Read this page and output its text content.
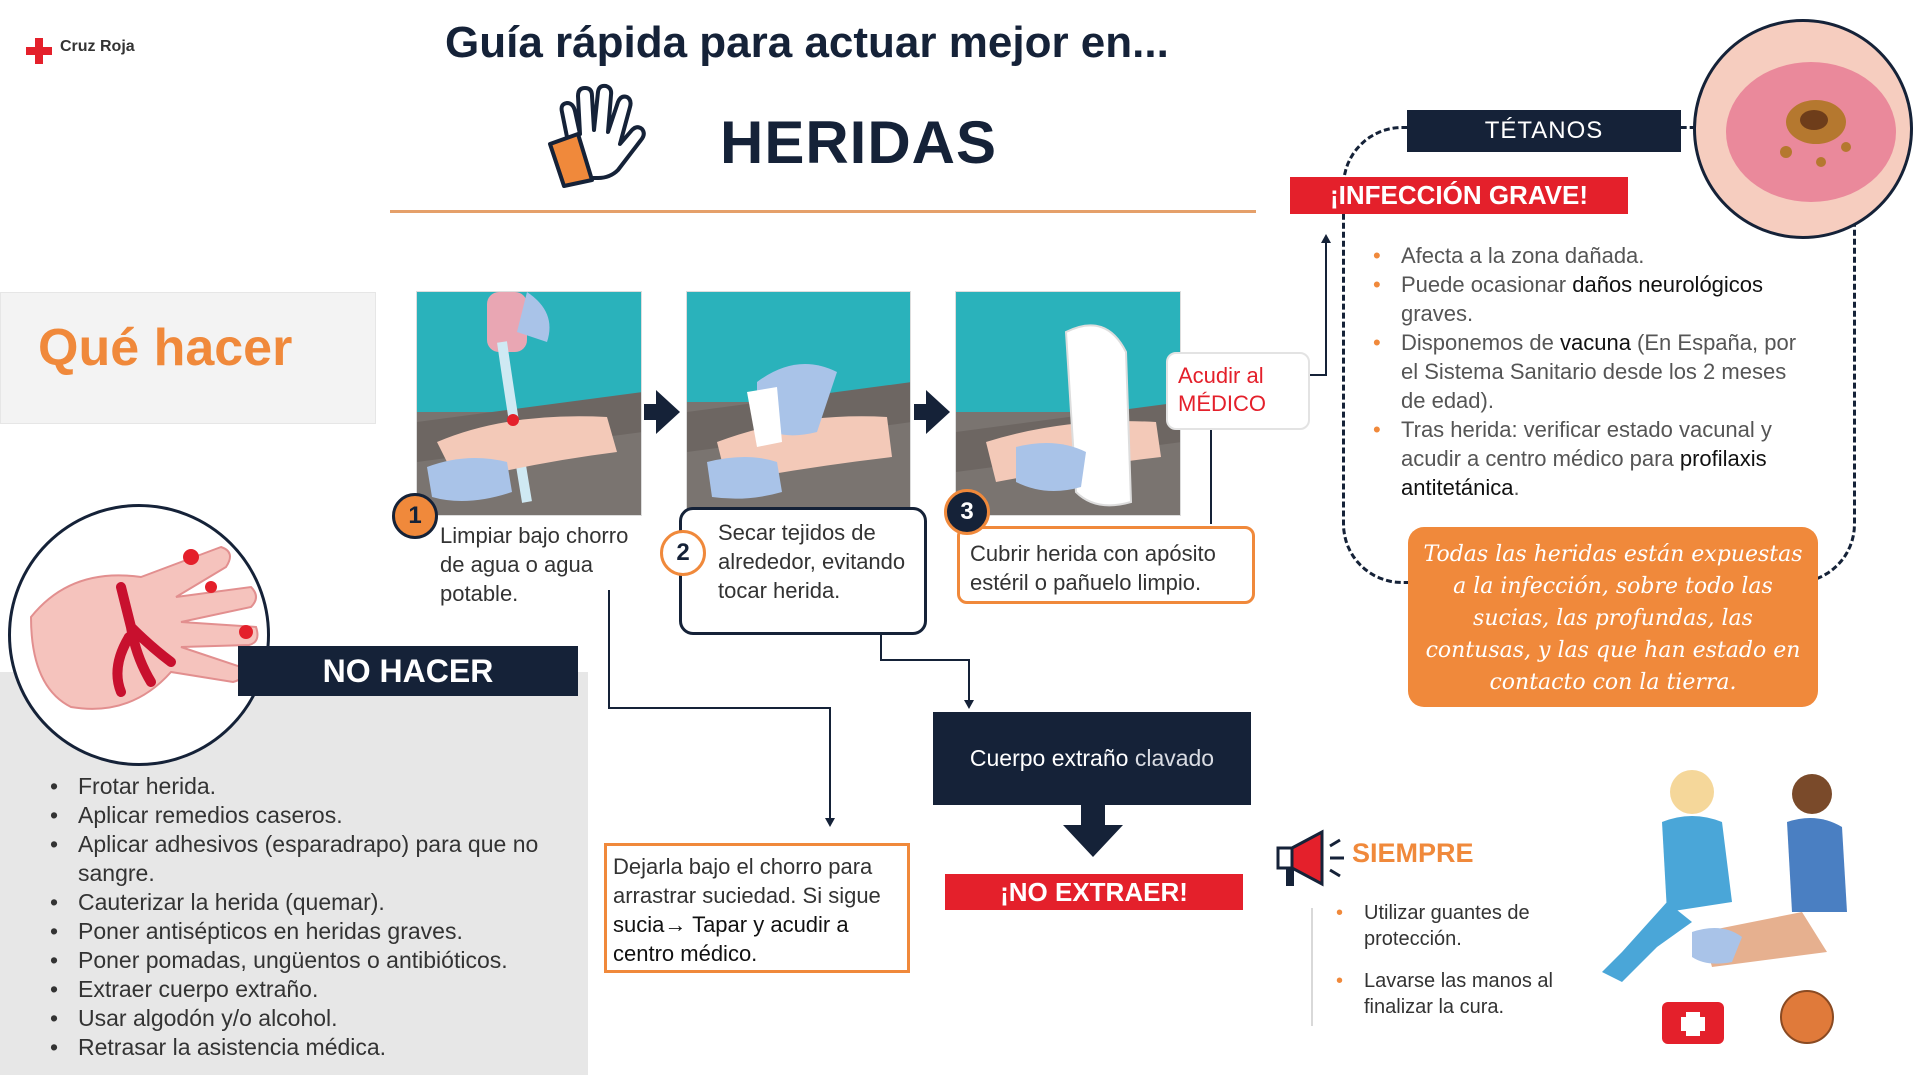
Cruz Roja	Guía rápida para actuar mejor en...
HERIDAS
Qué hacer
1
Limpiar bajo chorro de agua o agua potable.
Secar tejidos de alrededor, evitando tocar herida.
2	Cubrir herida con apósito estéril o pañuelo limpio.
3
Acudir al
MÉDICO
Dejarla bajo el chorro para arrastrar suciedad. Si sigue sucia→ Tapar y acudir a centro médico.
Cuerpo extraño clavado
¡NO EXTRAER!
TÉTANOS
¡INFECCIÓN GRAVE!
• Afecta a la zona dañada.
• Puede ocasionar daños neurológicos graves.
• Disponemos de vacuna (En España, por el Sistema Sanitario desde los 2 meses de edad).
• Tras herida: verificar estado vacunal y acudir a centro médico para profilaxis antitetánica.
Todas las heridas están expuestas a la infección, sobre todo las sucias, las profundas, las contusas, y las que han estado en contacto con la tierra.
NO HACER
• Frotar herida.
• Aplicar remedios caseros.
• Aplicar adhesivos (esparadrapo) para que no sangre.
• Cauterizar la herida (quemar).
• Poner antisépticos en heridas graves.
• Poner pomadas, ungüentos o antibióticos.
• Extraer cuerpo extraño.
• Usar algodón y/o alcohol.
• Retrasar la asistencia médica.
SIEMPRE
• Utilizar guantes de protección.
• Lavarse las manos al finalizar la cura.
